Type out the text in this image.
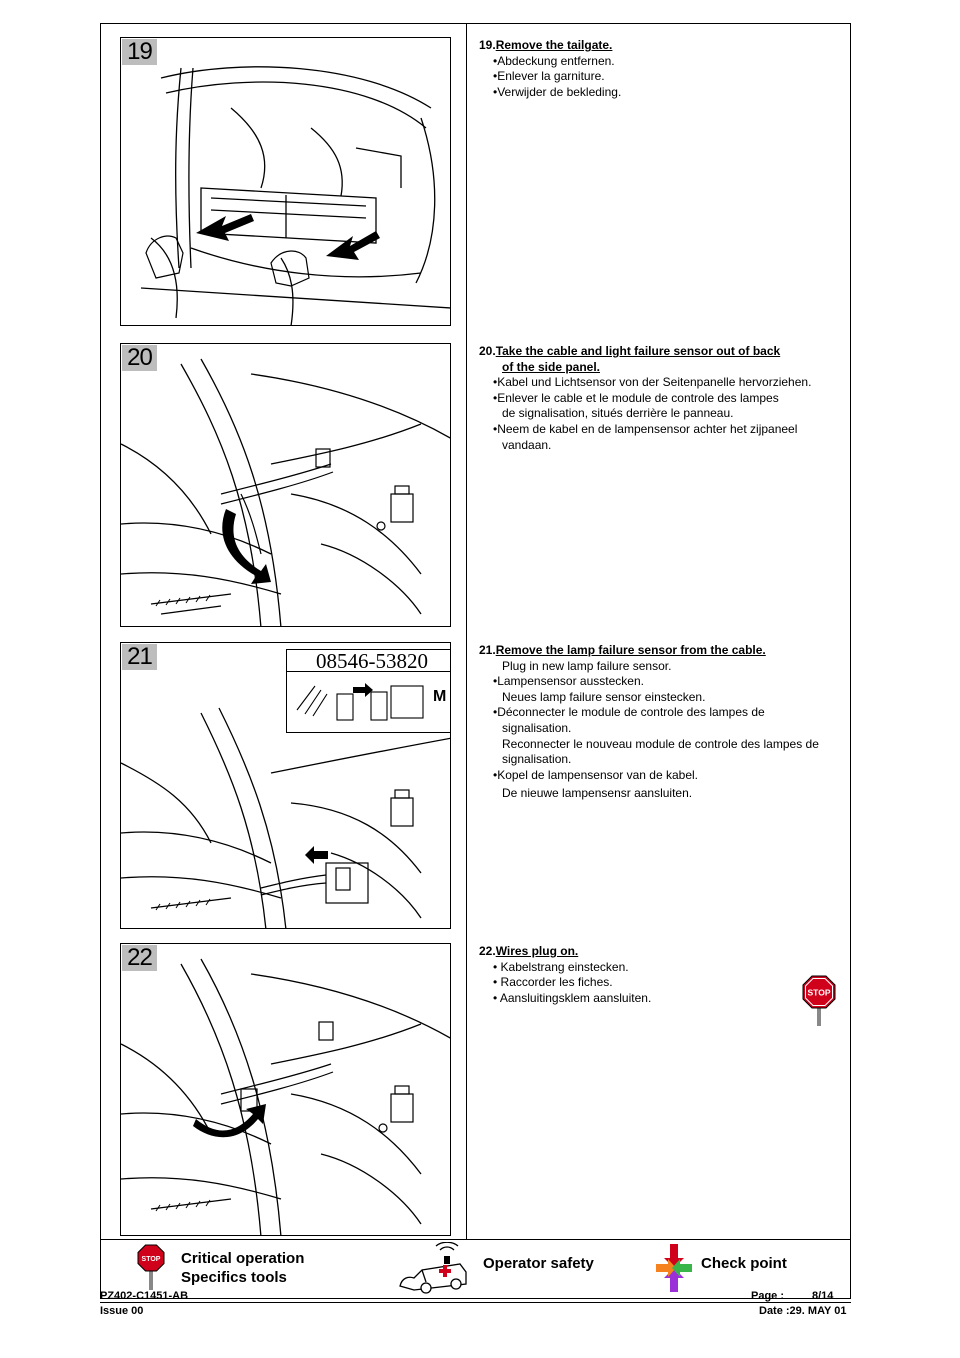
19	19.Remove the tailgate.
•Abdeckung entfernen.
•Enlever la garniture.
•Verwijder de bekleding.
20	20.Take the cable and light failure sensor out of back
of the side panel.
•Kabel und Lichtsensor von der Seitenpanelle hervorziehen.
•Enlever le cable et le module de controle des lampes
de signalisation, situés derrière le panneau.
•Neem de kabel en de lampensensor achter het zijpaneel
vandaan.
21	08546-53820
M
21.Remove the lamp failure sensor from the cable.
Plug in new lamp failure sensor.
•Lampensensor ausstecken.
Neues lamp failure sensor einstecken.
•Déconnecter le module de controle des lampes de
signalisation.
Reconnecter le nouveau module de controle des lampes de
signalisation.
•Kopel de lampensensor van de kabel.
De nieuwe lampensensr aansluiten.
22	22.Wires plug on.
• Kabelstrang einstecken.
• Raccorder les fiches.
• Aansluitingsklem aansluiten.	STOP
STOP Critical operation
Specifics tools
Operator safety	Check point
PZ402-C1451-AB	Page :	8/14
Issue 00	Date :29. MAY 01
